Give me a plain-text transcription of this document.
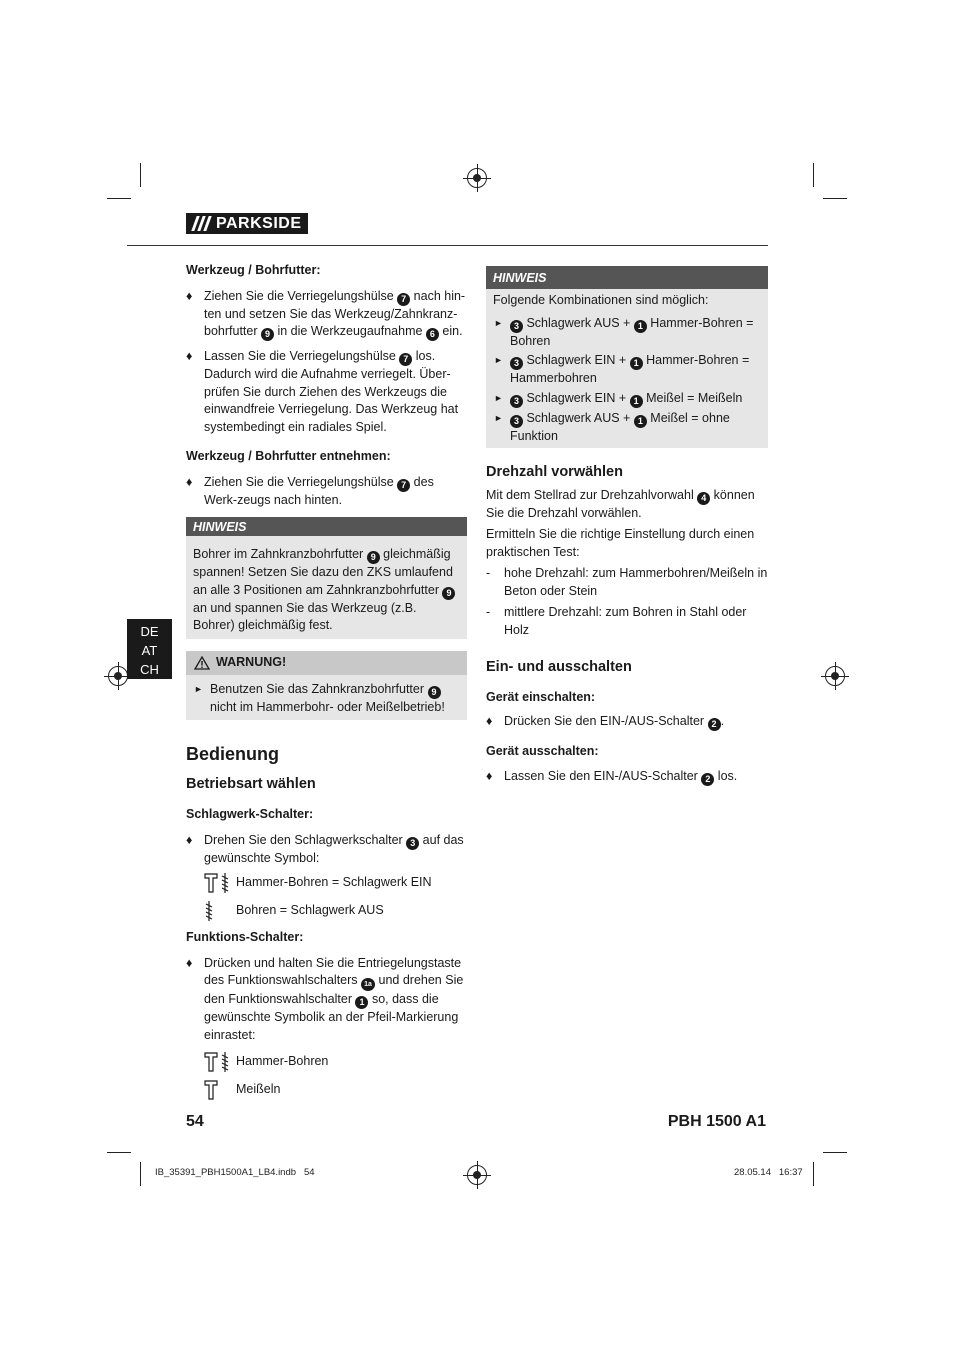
PARKSIDE
DE
AT
CH

Werkzeug / Bohrfutter:

♦ Ziehen Sie die Verriegelungshülse 7 nach hin-ten und setzen Sie das Werkzeug/Zahnkranz-bohrfutter 9 in die Werkzeugaufnahme 6 ein.

♦ Lassen Sie die Verriegelungshülse 7 los. Dadurch wird die Aufnahme verriegelt. Über-prüfen Sie durch Ziehen des Werkzeugs die einwandfreie Verriegelung. Das Werkzeug hat systembedingt ein radiales Spiel.

Werkzeug / Bohrfutter entnehmen:

♦ Ziehen Sie die Verriegelungshülse 7 des Werk-zeugs nach hinten.

HINWEIS
Bohrer im Zahnkranzbohrfutter 9 gleichmäßig spannen! Setzen Sie dazu den ZKS umlaufend an alle 3 Positionen am Zahnkranzbohrfutter 9 an und spannen Sie das Werkzeug (z.B. Bohrer) gleichmäßig fest.
WARNUNG!

► Benutzen Sie das Zahnkranzbohrfutter 9 nicht im Hammerbohr- oder Meißelbetrieb!

Bedienung

Betriebsart wählen

Schlagwerk-Schalter:

♦ Drehen Sie den Schlagwerkschalter 3 auf das gewünschte Symbol:

Hammer-Bohren = Schlagwerk EIN
Bohren = Schlagwerk AUS

Funktions-Schalter:

♦ Drücken und halten Sie die Entriegelungstaste des Funktionswahlschalters 1a und drehen Sie den Funktionswahlschalter 1 so, dass die gewünschte Symbolik an der Pfeil-Markierung einrastet:

Hammer-Bohren
Meißeln
HINWEIS

Folgende Kombinationen sind möglich:

► 3 Schlagwerk AUS + 1 Hammer-Bohren = Bohren

► 3 Schlagwerk EIN + 1 Hammer-Bohren = Hammerbohren

► 3 Schlagwerk EIN + 1 Meißel = Meißeln

► 3 Schlagwerk AUS + 1 Meißel = ohne Funktion

Drehzahl vorwählen

Mit dem Stellrad zur Drehzahlvorwahl 4 können Sie die Drehzahl vorwählen.

Ermitteln Sie die richtige Einstellung durch einen praktischen Test:

- hohe Drehzahl: zum Hammerbohren/Meißeln in Beton oder Stein

- mittlere Drehzahl: zum Bohren in Stahl oder Holz

Ein- und ausschalten

Gerät einschalten:

♦ Drücken Sie den EIN-/AUS-Schalter 2 .

Gerät ausschalten:

♦ Lassen Sie den EIN-/AUS-Schalter 2 los.

54	PBH 1500 A1
IB_35391_PBH1500A1_LB4.indb   54	28.05.14   16:37
